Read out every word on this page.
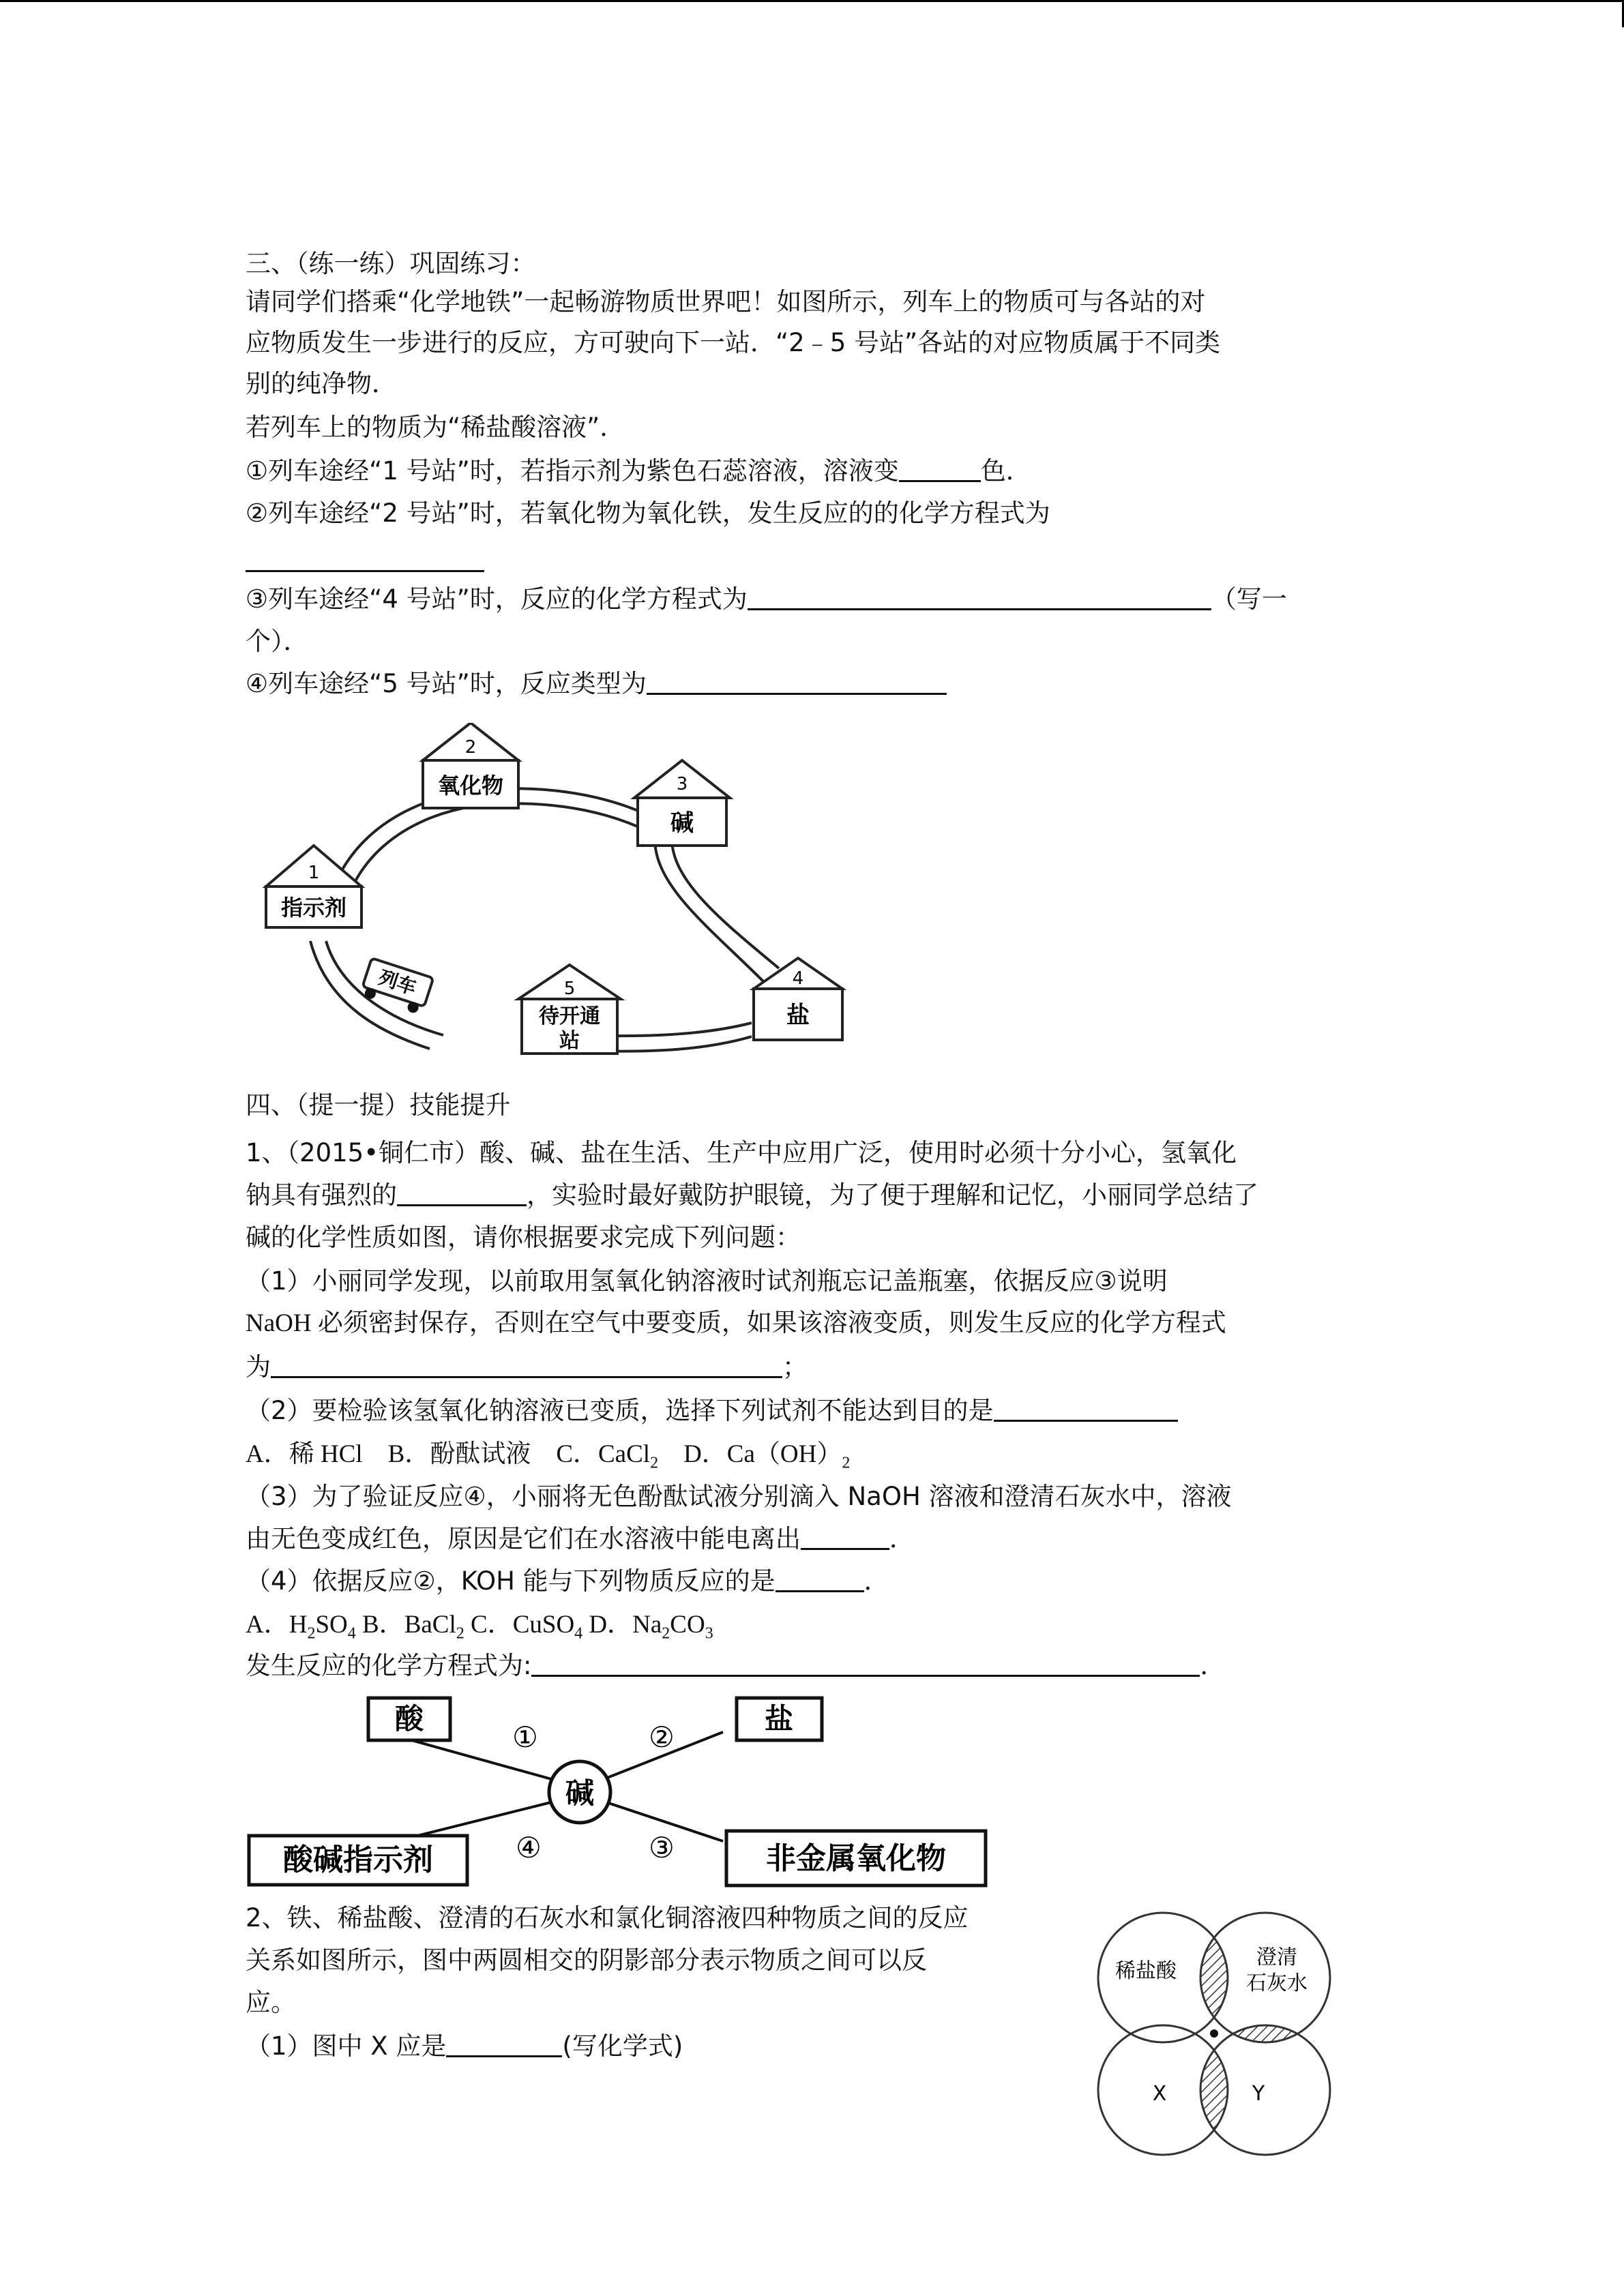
三、（练一练）巩固练习：
请同学们搭乘“化学地铁”一起畅游物质世界吧！如图所示，列车上的物质可与各站的对
应物质发生一步进行的反应，方可驶向下一站．“2﹣5 号站”各站的对应物质属于不同类
别的纯净物．
若列车上的物质为“稀盐酸溶液”．
①列车途经“1 号站”时，若指示剂为紫色石蕊溶液，溶液变	色．
②列车途经“2 号站”时，若氧化物为氧化铁，发生反应的的化学方程式为
③列车途经“4 号站”时，反应的化学方程式为	（写一
个）．
④列车途经“5 号站”时，反应类型为
1
指示剂
2
氧化物	3
碱
4
盐
5
待开通
站
列车
四、（提一提）技能提升
1、（2015•铜仁市）酸、碱、盐在生活、生产中应用广泛，使用时必须十分小心，氢氧化
钠具有强烈的	，实验时最好戴防护眼镜，为了便于理解和记忆，小丽同学总结了
碱的化学性质如图，请你根据要求完成下列问题：
（1）小丽同学发现，以前取用氢氧化钠溶液时试剂瓶忘记盖瓶塞，依据反应③说明
NaOH 必须密封保存，否则在空气中要变质，如果该溶液变质，则发生反应的化学方程式
为	；
（2）要检验该氢氧化钠溶液已变质，选择下列试剂不能达到目的是
A．稀 HCl　B．酚酞试液　C．CaCl$_2$　D．$Ca(OH)_2$
（3）为了验证反应④，小丽将无色酚酞试液分别滴入 NaOH 溶液和澄清石灰水中，溶液
由无色变成红色，原因是它们在水溶液中能电离出	．
（4）依据反应②，KOH 能与下列物质反应的是	．
A．$H_2SO_4$ B．BaCl$_2$ C．CuSO$_4$ D．$Na_2CO_3$
发生反应的化学方程式为:	．
酸	盐
酸碱指示剂	非金属氧化物
碱
①	②
③
④
2、铁、稀盐酸、澄清的石灰水和氯化铜溶液四种物质之间的反应
关系如图所示，图中两圆相交的阴影部分表示物质之间可以反
应。
（1）图中 X 应是	(写化学式)
稀盐酸
澄清
石灰水
X	Y
